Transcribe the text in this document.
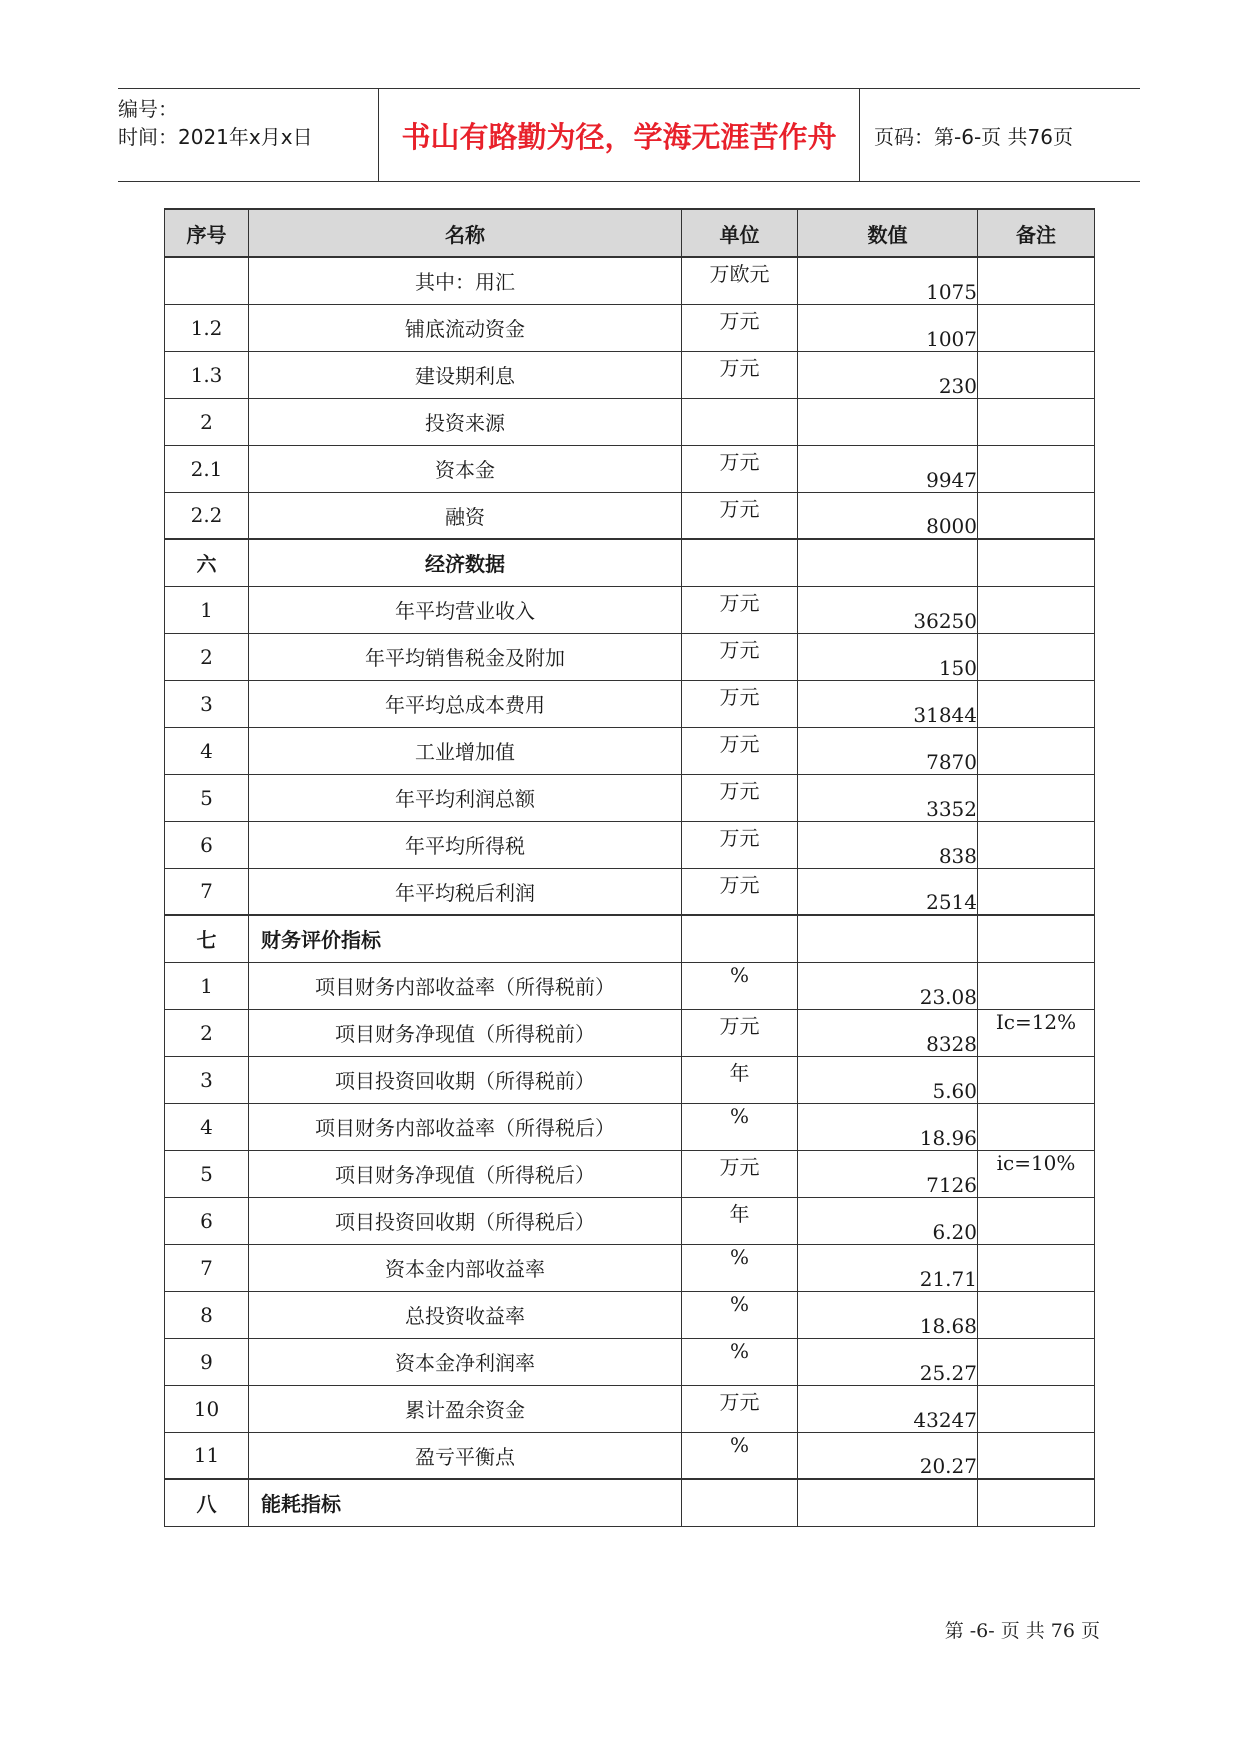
编号：
时间：2021年x月x日	书山有路勤为径，学海无涯苦作舟	页码：第-6-页 共76页
序号	名称	单位	数值	备注
	其中：用汇	万欧元	1075	
1.2	铺底流动资金	万元	1007	
1.3	建设期利息	万元	230	
2	投资来源			
2.1	资本金	万元	9947	
2.2	融资	万元	8000	
六	经济数据			
1	年平均营业收入	万元	36250	
2	年平均销售税金及附加	万元	150	
3	年平均总成本费用	万元	31844	
4	工业增加值	万元	7870	
5	年平均利润总额	万元	3352	
6	年平均所得税	万元	838	
7	年平均税后利润	万元	2514	
七	财务评价指标			
1	项目财务内部收益率（所得税前）	%	23.08	
2	项目财务净现值（所得税前）	万元	8328	Ic=12%
3	项目投资回收期（所得税前）	年	5.60	
4	项目财务内部收益率（所得税后）	%	18.96	
5	项目财务净现值（所得税后）	万元	7126	ic=10%
6	项目投资回收期（所得税后）	年	6.20	
7	资本金内部收益率	%	21.71	
8	总投资收益率	%	18.68	
9	资本金净利润率	%	25.27	
10	累计盈余资金	万元	43247	
11	盈亏平衡点	%	20.27	
八	能耗指标			
第 -6- 页 共 76 页
